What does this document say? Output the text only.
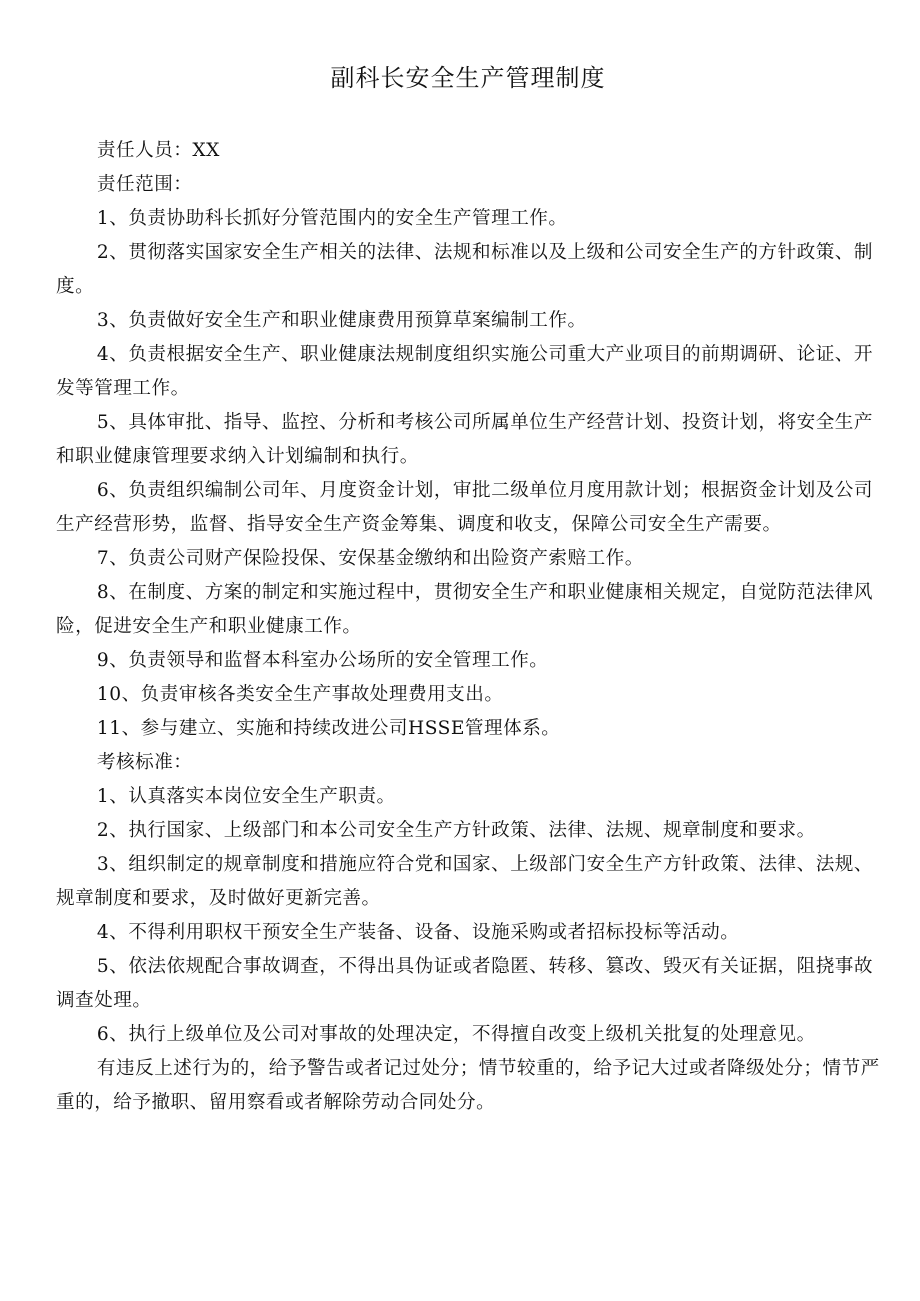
副科长安全生产管理制度

责任人员：XX

责任范围：

1、负责协助科长抓好分管范围内的安全生产管理工作。

2、贯彻落实国家安全生产相关的法律、法规和标准以及上级和公司安全生产的方针政策、制度。

3、负责做好安全生产和职业健康费用预算草案编制工作。

4、负责根据安全生产、职业健康法规制度组织实施公司重大产业项目的前期调研、论证、开发等管理工作。

5、具体审批、指导、监控、分析和考核公司所属单位生产经营计划、投资计划，将安全生产和职业健康管理要求纳入计划编制和执行。

6、负责组织编制公司年、月度资金计划，审批二级单位月度用款计划；根据资金计划及公司生产经营形势，监督、指导安全生产资金筹集、调度和收支，保障公司安全生产需要。

7、负责公司财产保险投保、安保基金缴纳和出险资产索赔工作。

8、在制度、方案的制定和实施过程中，贯彻安全生产和职业健康相关规定，自觉防范法律风险，促进安全生产和职业健康工作。

9、负责领导和监督本科室办公场所的安全管理工作。

10、负责审核各类安全生产事故处理费用支出。

11、参与建立、实施和持续改进公司HSSE管理体系。

考核标准：

1、认真落实本岗位安全生产职责。

2、执行国家、上级部门和本公司安全生产方针政策、法律、法规、规章制度和要求。

3、组织制定的规章制度和措施应符合党和国家、上级部门安全生产方针政策、法律、法规、规章制度和要求，及时做好更新完善。

4、不得利用职权干预安全生产装备、设备、设施采购或者招标投标等活动。

5、依法依规配合事故调查，不得出具伪证或者隐匿、转移、篡改、毁灭有关证据，阻挠事故调查处理。

6、执行上级单位及公司对事故的处理决定，不得擅自改变上级机关批复的处理意见。

有违反上述行为的，给予警告或者记过处分；情节较重的，给予记大过或者降级处分；情节严重的，给予撤职、留用察看或者解除劳动合同处分。
